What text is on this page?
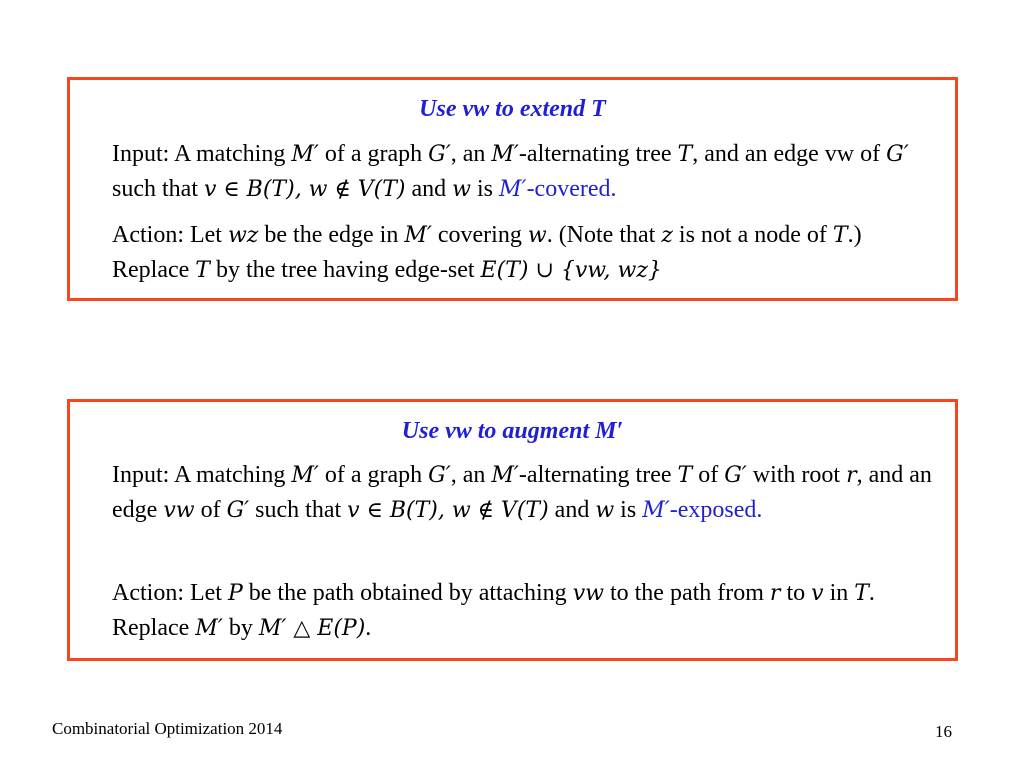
Use vw to extend T
Input: A matching M′ of a graph G′, an M′-alternating tree T, and an edge vw of G′ such that v ∈ B(T), w ∉ V(T) and w is M′-covered.
Action: Let wz be the edge in M′ covering w. (Note that z is not a node of T.) Replace T by the tree having edge-set E(T) ∪ {vw, wz}
Use vw to augment M′
Input: A matching M′ of a graph G′, an M′-alternating tree T of G′ with root r, and an edge vw of G′ such that v ∈ B(T), w ∉ V(T) and w is M′-exposed.
Action: Let P be the path obtained by attaching vw to the path from r to v in T. Replace M′ by M′ △ E(P).
Combinatorial Optimization 2014	16
